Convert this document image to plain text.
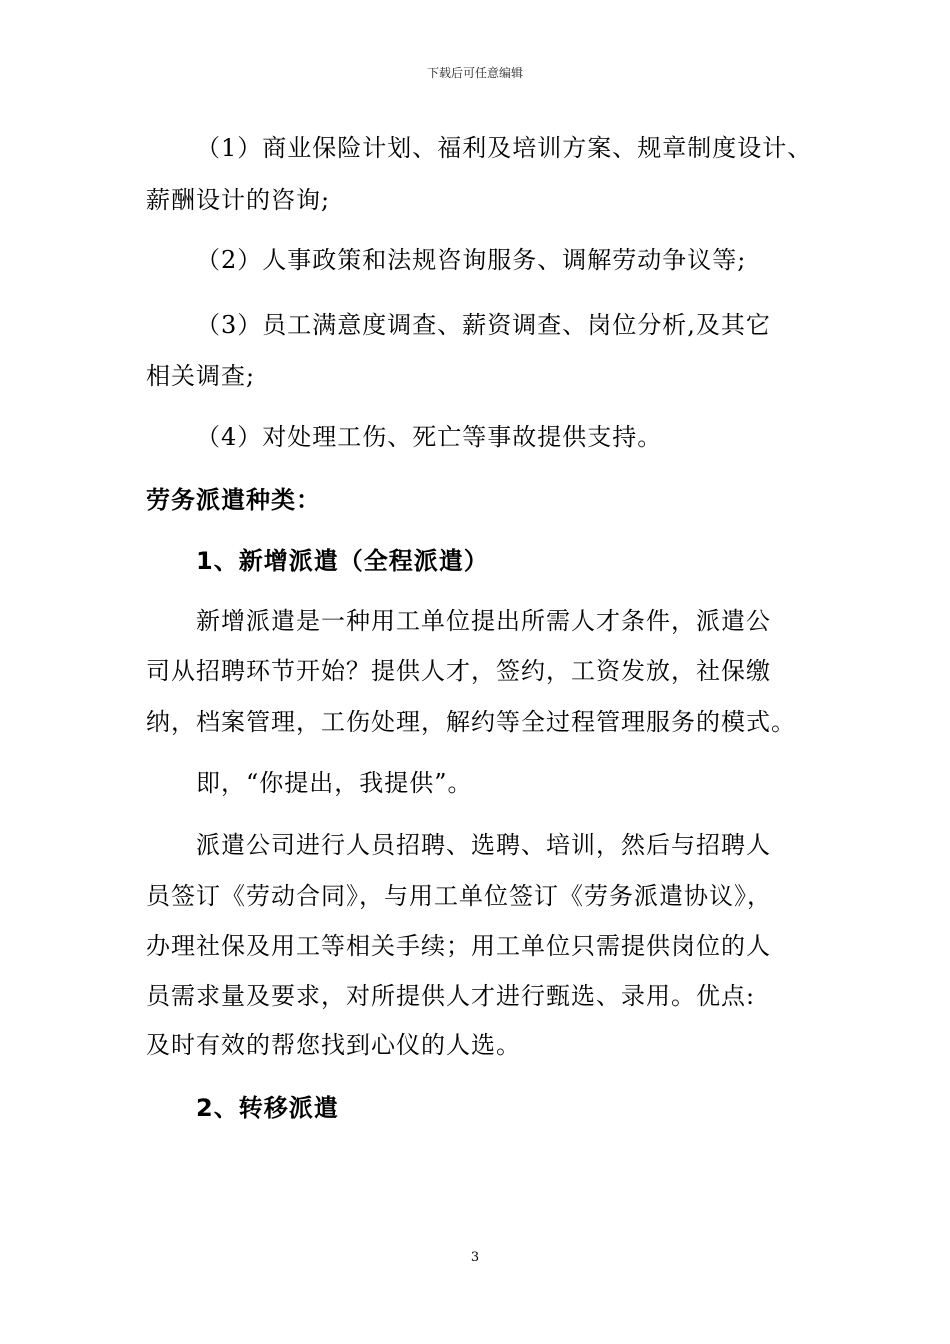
下载后可任意编辑
（1）商业保险计划、福利及培训方案、规章制度设计、
薪酬设计的咨询;
（2）人事政策和法规咨询服务、调解劳动争议等;
（3）员工满意度调查、薪资调查、岗位分析,及其它
相关调查;
（4）对处理工伤、死亡等事故提供支持。
劳务派遣种类：
1、新增派遣（全程派遣）
新增派遣是一种用工单位提出所需人才条件，派遣公
司从招聘环节开始？提供人才，签约，工资发放，社保缴
纳，档案管理，工伤处理，解约等全过程管理服务的模式。
即，“你提出，我提供”。
派遣公司进行人员招聘、选聘、培训，然后与招聘人
员签订《劳动合同》，与用工单位签订《劳务派遣协议》，
办理社保及用工等相关手续；用工单位只需提供岗位的人
员需求量及要求，对所提供人才进行甄选、录用。优点:
及时有效的帮您找到心仪的人选。
2、转移派遣
3
